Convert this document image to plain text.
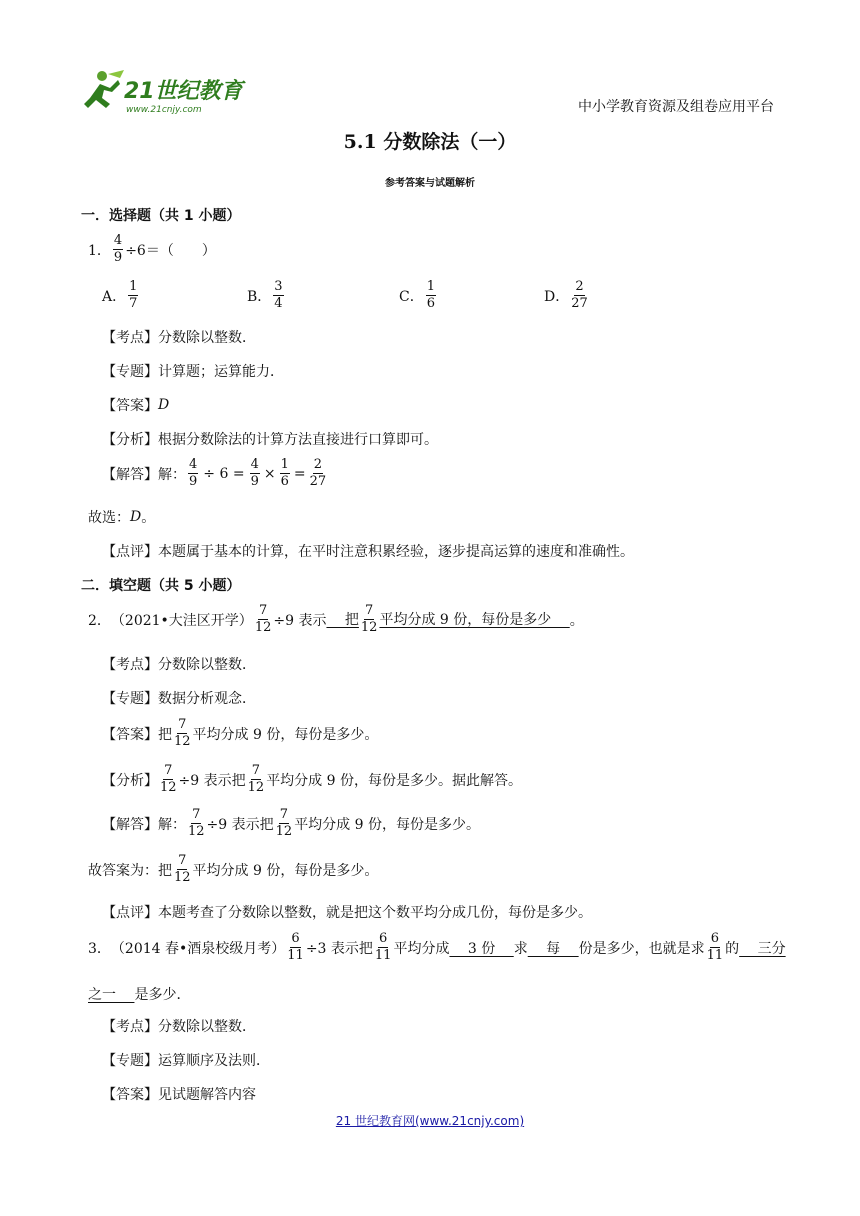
21世纪教育
www.21cnjy.com	中小学教育资源及组卷应用平台
5.1 分数除法（一）
参考答案与试题解析
一．选择题（共 1 小题）
1． $\frac{4}{9} \div 6=$（　　）
A． $\frac{1}{7}$	B． $\frac{3}{4}$	C． $\frac{1}{6}$	D． $\frac{2}{27}$
【考点】分数除以整数．
【专题】计算题；运算能力．
【答案】 D
【分析】根据分数除法的计算方法直接进行口算即可。
【解答】解： $\frac{4}{9} \div 6 = \frac{4}{9} \times \frac{1}{6} = \frac{2}{27}$
故选： D 。
【点评】本题属于基本的计算，在平时注意积累经验，逐步提高运算的速度和准确性。
二．填空题（共 5 小题）
2． （2021•大洼区开学） $\frac{7}{12} \div 9$ 表示 　 把 $\frac{7}{12}$ 平均分成 9 份，每份是多少　 。
【考点】分数除以整数．
【专题】数据分析观念．
【答案】把 $\frac{7}{12}$ 平均分成 9 份，每份是多少。
【分析】 $\frac{7}{12} \div 9$ 表示把 $\frac{7}{12}$ 平均分成 9 份，每份是多少。据此解答。
【解答】解： $\frac{7}{12} \div 9$ 表示把 $\frac{7}{12}$ 平均分成 9 份，每份是多少。
故答案为：把 $\frac{7}{12}$ 平均分成 9 份，每份是多少。
【点评】本题考查了分数除以整数，就是把这个数平均分成几份，每份是多少。
3． （2014 春•酒泉校级月考） $\frac{6}{11} \div 3$ 表示把 $\frac{6}{11}$ 平均分成 　 3 份　 求 　 每　 份是多少，也就是求 $\frac{6}{11}$ 的 　 三分
之一　 是多少．
【考点】分数除以整数．
【专题】运算顺序及法则．
【答案】见试题解答内容
21 世纪教育网(www.21cnjy.com)
